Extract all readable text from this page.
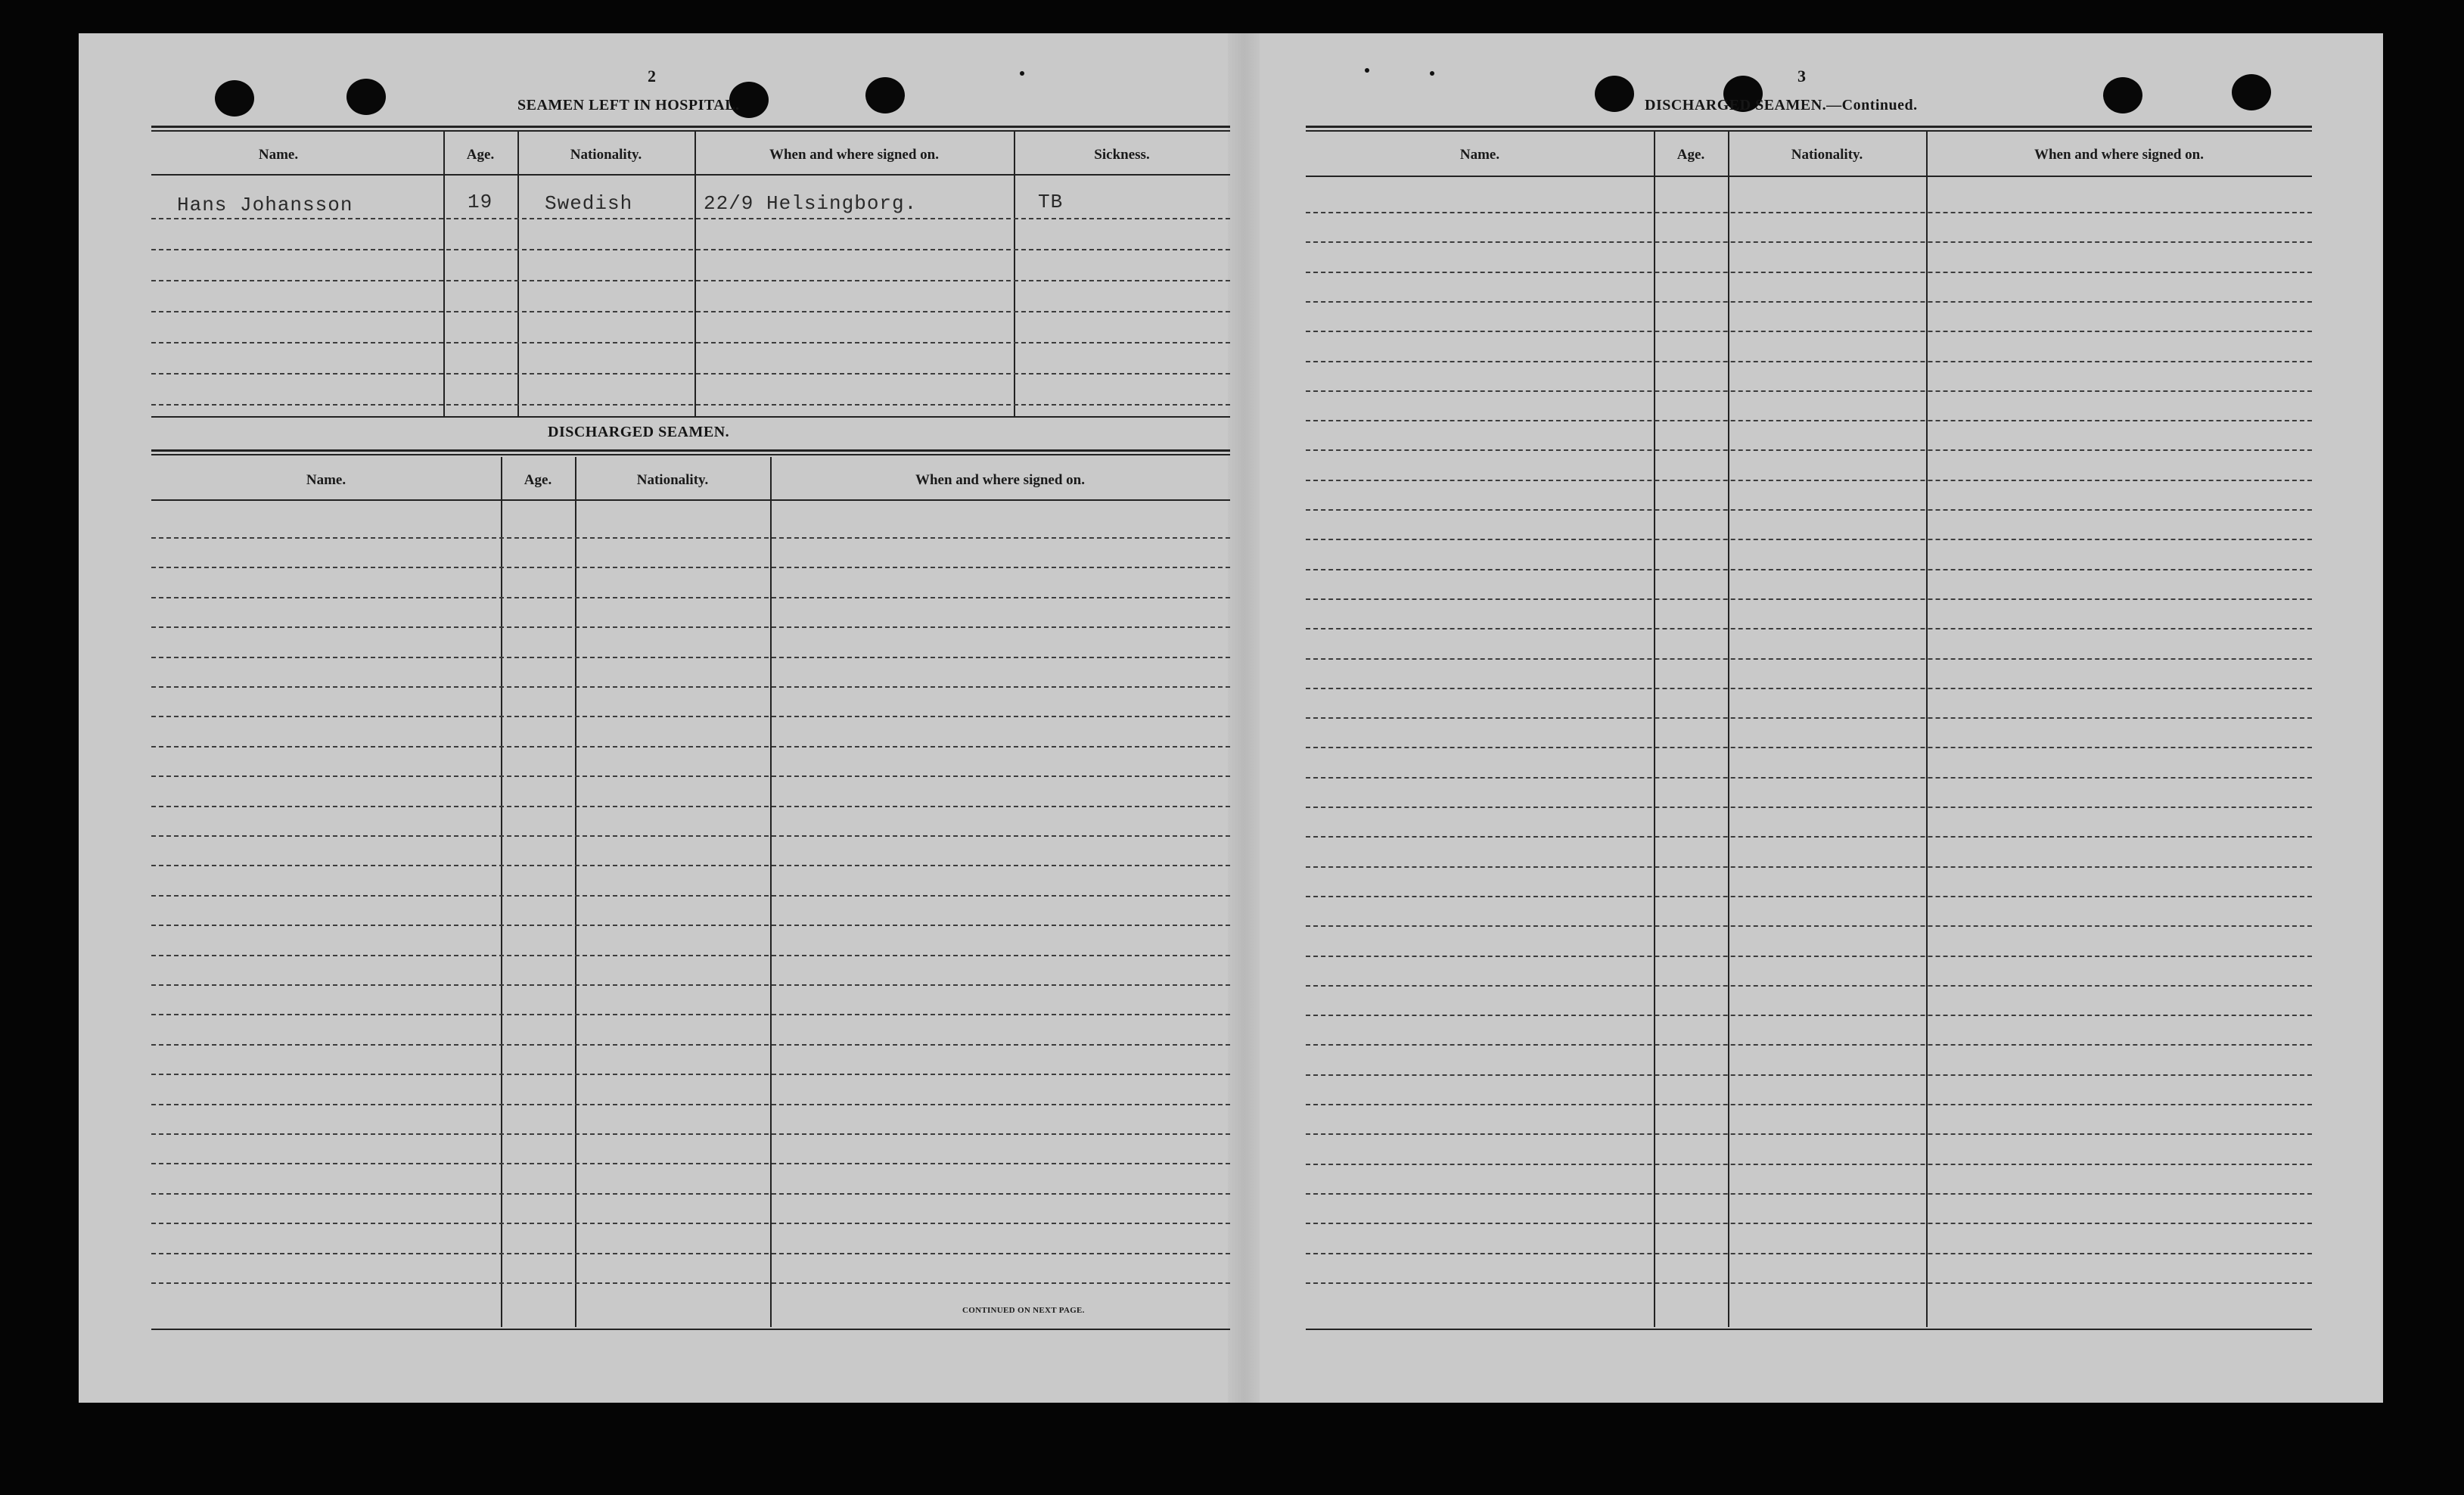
2
SEAMEN LEFT IN HOSPITAL.
Name.	Age.	Nationality.	When and where signed on.	Sickness.
Hans Johansson	19	Swedish	22/9 Helsingborg.	TB
DISCHARGED SEAMEN.
Name.	Age.	Nationality.	When and where signed on.
CONTINUED ON NEXT PAGE.
3
DISCHARGED SEAMEN.—Continued.
Name.	Age.	Nationality.	When and where signed on.
